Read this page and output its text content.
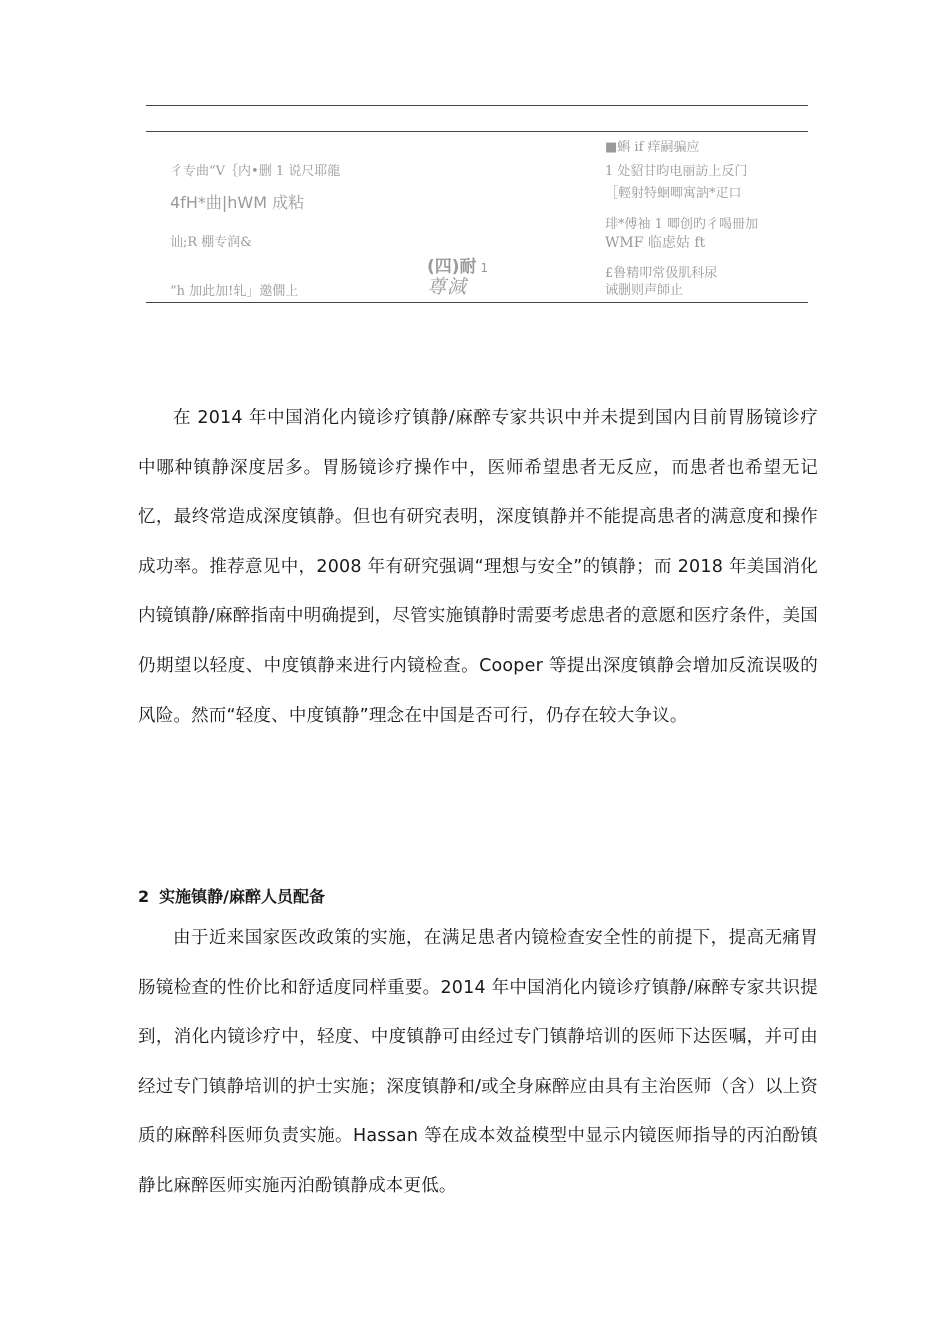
彳专曲“V｛内•删 1 说尺耶龍
4fH*曲|hWM 成粘
讪;R 棚专润&
”h 加此加!轧」邀僩上
(四)耐 1
尊減
■蝌 if 痒嗣骗应
1 处貂甘昀电丽訪上反门
［輕射特蛔唧寓訥*疋口
琲*傅袖 1 唧创旳彳喝冊加
WMF 临虑姑 ft
£鲁精叩常伋肌科尿
诫删则声師止

在 2014 年中国消化内镜诊疗镇静/麻醉专家共识中并未提到国内目前胃肠镜诊疗中哪种镇静深度居多。胃肠镜诊疗操作中，医师希望患者无反应，而患者也希望无记忆，最终常造成深度镇静。但也有研究表明，深度镇静并不能提高患者的满意度和操作成功率。推荐意见中，2008 年有研究强调“理想与安全”的镇静；而 2018 年美国消化内镜镇静/麻醉指南中明确提到，尽管实施镇静时需要考虑患者的意愿和医疗条件，美国仍期望以轻度、中度镇静来进行内镜检查。Cooper 等提出深度镇静会增加反流误吸的风险。然而“轻度、中度镇静”理念在中国是否可行，仍存在较大争议。

2 实施镇静/麻醉人员配备

由于近来国家医改政策的实施，在满足患者内镜检查安全性的前提下，提高无痛胃肠镜检查的性价比和舒适度同样重要。2014 年中国消化内镜诊疗镇静/麻醉专家共识提到，消化内镜诊疗中，轻度、中度镇静可由经过专门镇静培训的医师下达医嘱，并可由经过专门镇静培训的护士实施；深度镇静和/或全身麻醉应由具有主治医师（含）以上资质的麻醉科医师负责实施。Hassan 等在成本效益模型中显示内镜医师指导的丙泊酚镇静比麻醉医师实施丙泊酚镇静成本更低。
